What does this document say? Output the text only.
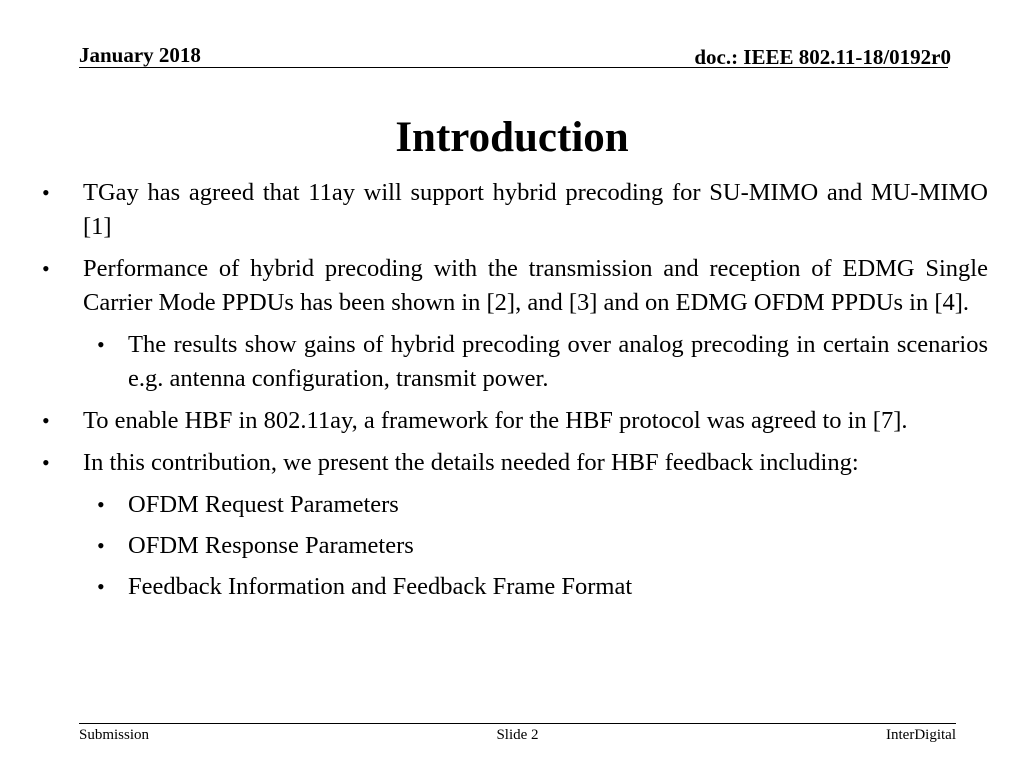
January 2018	doc.: IEEE 802.11-18/0192r0
Introduction

• TGay has agreed that 11ay will support hybrid precoding for SU-MIMO and MU-MIMO [1]

• Performance of hybrid precoding with the transmission and reception of EDMG Single Carrier Mode PPDUs has been shown in [2], and [3] and on EDMG OFDM PPDUs in [4].

• The results show gains of hybrid precoding over analog precoding in certain scenarios e.g. antenna configuration, transmit power.

• To enable HBF in 802.11ay, a framework for the HBF protocol was agreed to in [7].

• In this contribution, we present the details needed for HBF feedback including:

• OFDM Request Parameters

• OFDM Response Parameters

• Feedback Information and Feedback Frame Format

Submission	Slide 2	InterDigital
